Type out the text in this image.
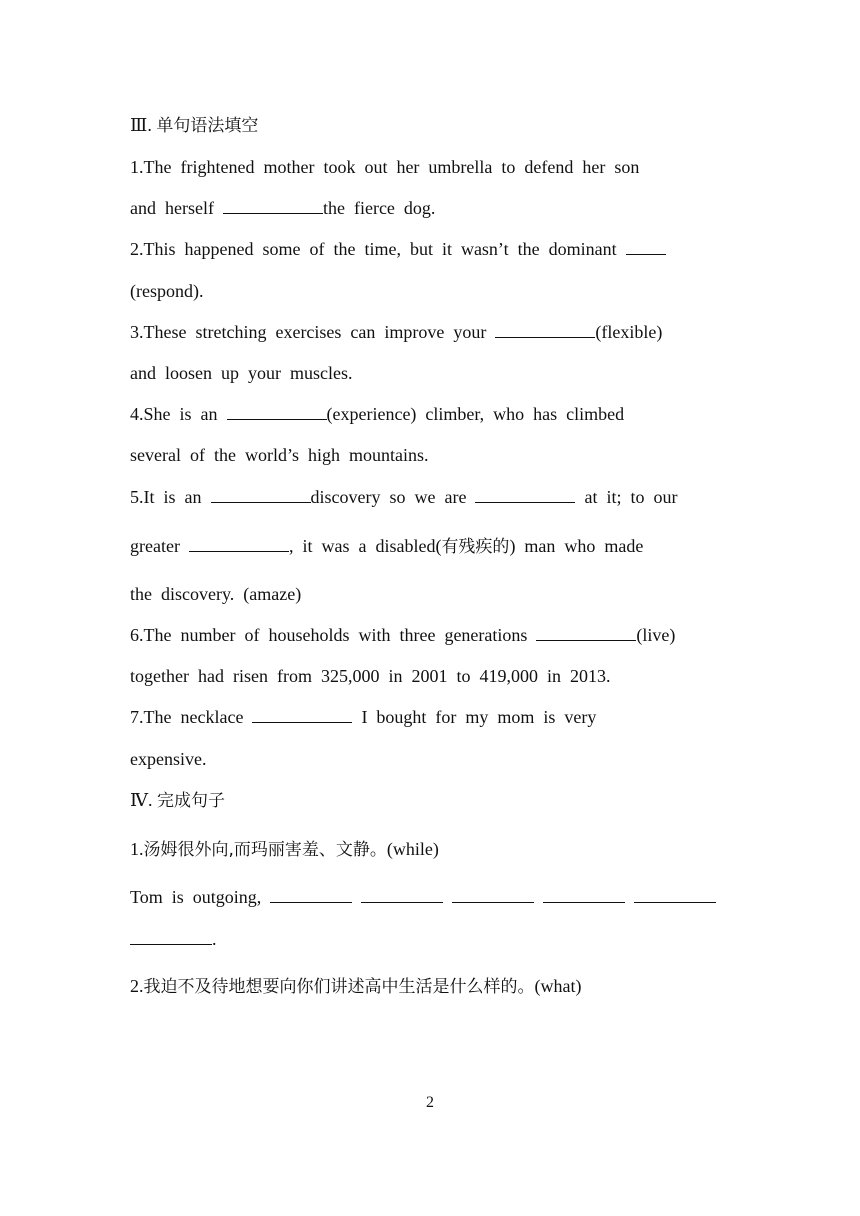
Ⅲ. 单句语法填空
1.The  frightened  mother  took  out  her  umbrella  to  defend  her  son
and  herself	the  fierce  dog.
2.This  happened  some  of  the  time,  but  it  wasn’t  the  dominant
(respond).
3.These  stretching  exercises  can  improve  your	(flexible)
and  loosen  up  your  muscles.
4.She  is  an	(experience)  climber,  who  has  climbed
several  of  the  world’s  high  mountains.
5.It  is  an	discovery  so  we  are	at  it;  to  our
greater	,  it  was  a  disabled(有残疾的)  man  who  made
the  discovery.  (amaze)
6.The  number  of  households  with  three  generations	(live)
together  had  risen  from  325,000  in  2001  to  419,000  in  2013.
7.The  necklace	I  bought  for  my  mom  is  very
expensive.
Ⅳ. 完成句子
1.汤姆很外向,而玛丽害羞、文静。(while)
Tom  is  outgoing,
.
2.我迫不及待地想要向你们讲述高中生活是什么样的。(what)
2
